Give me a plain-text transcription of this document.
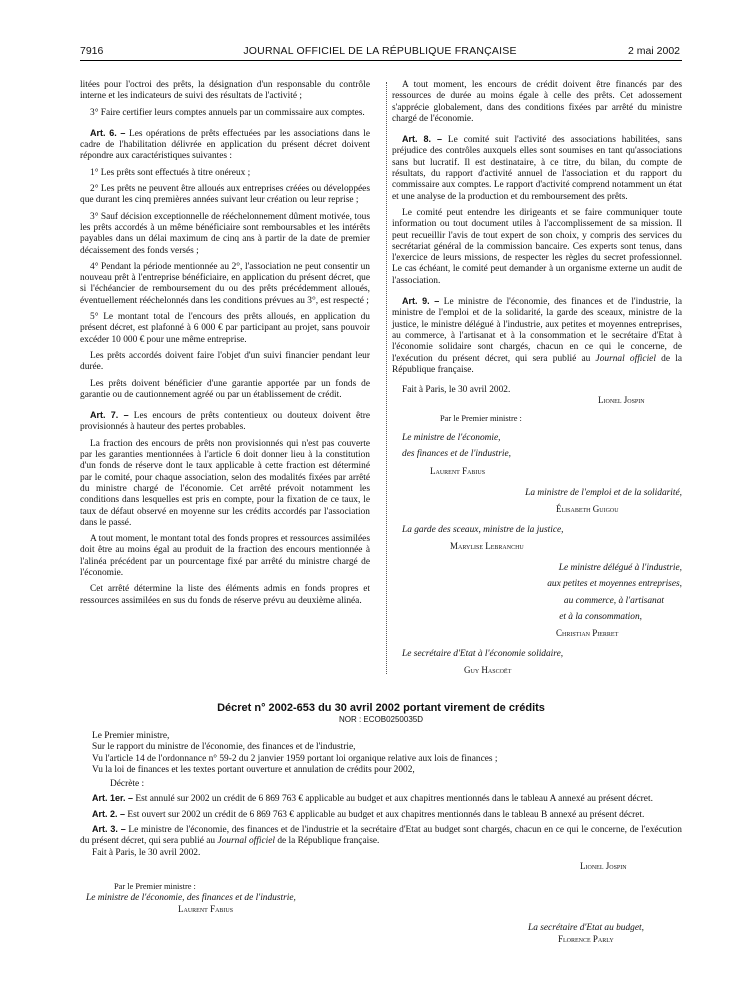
7916	JOURNAL OFFICIEL DE LA RÉPUBLIQUE FRANÇAISE	2 mai 2002

litées pour l'octroi des prêts, la désignation d'un responsable du contrôle interne et les indicateurs de suivi des résultats de l'activité ;

3° Faire certifier leurs comptes annuels par un commissaire aux comptes.

Art. 6. – Les opérations de prêts effectuées par les associations dans le cadre de l'habilitation délivrée en application du présent décret doivent répondre aux caractéristiques suivantes :

1° Les prêts sont effectués à titre onéreux ;

2° Les prêts ne peuvent être alloués aux entreprises créées ou développées que durant les cinq premières années suivant leur création ou leur reprise ;

3° Sauf décision exceptionnelle de rééchelonnement dûment motivée, tous les prêts accordés à un même bénéficiaire sont remboursables et les intérêts payables dans un délai maximum de cinq ans à partir de la date de premier décaissement des fonds versés ;

4° Pendant la période mentionnée au 2°, l'association ne peut consentir un nouveau prêt à l'entreprise bénéficiaire, en application du présent décret, que si l'échéancier de remboursement du ou des prêts précédemment alloués, éventuellement rééchelonnés dans les conditions prévues au 3°, est respecté ;

5° Le montant total de l'encours des prêts alloués, en application du présent décret, est plafonné à 6 000 € par participant au projet, sans pouvoir excéder 10 000 € pour une même entreprise.

Les prêts accordés doivent faire l'objet d'un suivi financier pendant leur durée.

Les prêts doivent bénéficier d'une garantie apportée par un fonds de garantie ou de cautionnement agréé ou par un établissement de crédit.

Art. 7. – Les encours de prêts contentieux ou douteux doivent être provisionnés à hauteur des pertes probables.

La fraction des encours de prêts non provisionnés qui n'est pas couverte par les garanties mentionnées à l'article 6 doit donner lieu à la constitution d'un fonds de réserve dont le taux applicable à cette fraction est déterminé par le comité, pour chaque association, selon des modalités fixées par arrêté du ministre chargé de l'économie. Cet arrêté prévoit notamment les conditions dans lesquelles est pris en compte, pour la fixation de ce taux, le taux de défaut observé en moyenne sur les crédits accordés par l'association dans le passé.

A tout moment, le montant total des fonds propres et ressources assimilées doit être au moins égal au produit de la fraction des encours mentionnée à l'alinéa précédent par un pourcentage fixé par arrêté du ministre chargé de l'économie.

Cet arrêté détermine la liste des éléments admis en fonds propres et ressources assimilées en sus du fonds de réserve prévu au deuxième alinéa.

A tout moment, les encours de crédit doivent être financés par des ressources de durée au moins égale à celle des prêts. Cet adossement s'apprécie globalement, dans des conditions fixées par arrêté du ministre chargé de l'économie.

Art. 8. – Le comité suit l'activité des associations habilitées, sans préjudice des contrôles auxquels elles sont soumises en tant qu'associations sans but lucratif. Il est destinataire, à ce titre, du bilan, du compte de résultats, du rapport d'activité annuel de l'association et du rapport du commissaire aux comptes. Le rapport d'activité comprend notamment un état et une analyse de la production et du remboursement des prêts.

Le comité peut entendre les dirigeants et se faire communiquer toute information ou tout document utiles à l'accomplissement de sa mission. Il peut recueillir l'avis de tout expert de son choix, y compris des services du secrétariat général de la commission bancaire. Ces experts sont tenus, dans l'exercice de leurs missions, de respecter les règles du secret professionnel. Le cas échéant, le comité peut demander à un organisme externe un audit de l'association.

Art. 9. – Le ministre de l'économie, des finances et de l'industrie, la ministre de l'emploi et de la solidarité, la garde des sceaux, ministre de la justice, le ministre délégué à l'industrie, aux petites et moyennes entreprises, au commerce, à l'artisanat et à la consommation et le secrétaire d'Etat à l'économie solidaire sont chargés, chacun en ce qui le concerne, de l'exécution du présent décret, qui sera publié au Journal officiel de la République française.

Fait à Paris, le 30 avril 2002.

Lionel Jospin

Par le Premier ministre :

Le ministre de l'économie,

des finances et de l'industrie,

Laurent Fabius

La ministre de l'emploi et de la solidarité,

Élisabeth Guigou

La garde des sceaux, ministre de la justice,

Marylise Lebranchu

Le ministre délégué à l'industrie,

aux petites et moyennes entreprises,

au commerce, à l'artisanat

et à la consommation,

Christian Pierret

Le secrétaire d'Etat à l'économie solidaire,

Guy Hascoët

Décret n° 2002-653 du 30 avril 2002 portant virement de crédits
NOR : ECOB0250035D

Le Premier ministre,

Sur le rapport du ministre de l'économie, des finances et de l'industrie,

Vu l'article 14 de l'ordonnance n° 59-2 du 2 janvier 1959 portant loi organique relative aux lois de finances ;

Vu la loi de finances et les textes portant ouverture et annulation de crédits pour 2002,

Décrète :

Art. 1er. – Est annulé sur 2002 un crédit de 6 869 763 € applicable au budget et aux chapitres mentionnés dans le tableau A annexé au présent décret.

Art. 2. – Est ouvert sur 2002 un crédit de 6 869 763 € applicable au budget et aux chapitres mentionnés dans le tableau B annexé au présent décret.

Art. 3. – Le ministre de l'économie, des finances et de l'industrie et la secrétaire d'Etat au budget sont chargés, chacun en ce qui le concerne, de l'exécution du présent décret, qui sera publié au Journal officiel de la République française.

Fait à Paris, le 30 avril 2002.

Lionel Jospin

Par le Premier ministre :

Le ministre de l'économie, des finances et de l'industrie,

Laurent Fabius

La secrétaire d'Etat au budget,

Florence Parly
